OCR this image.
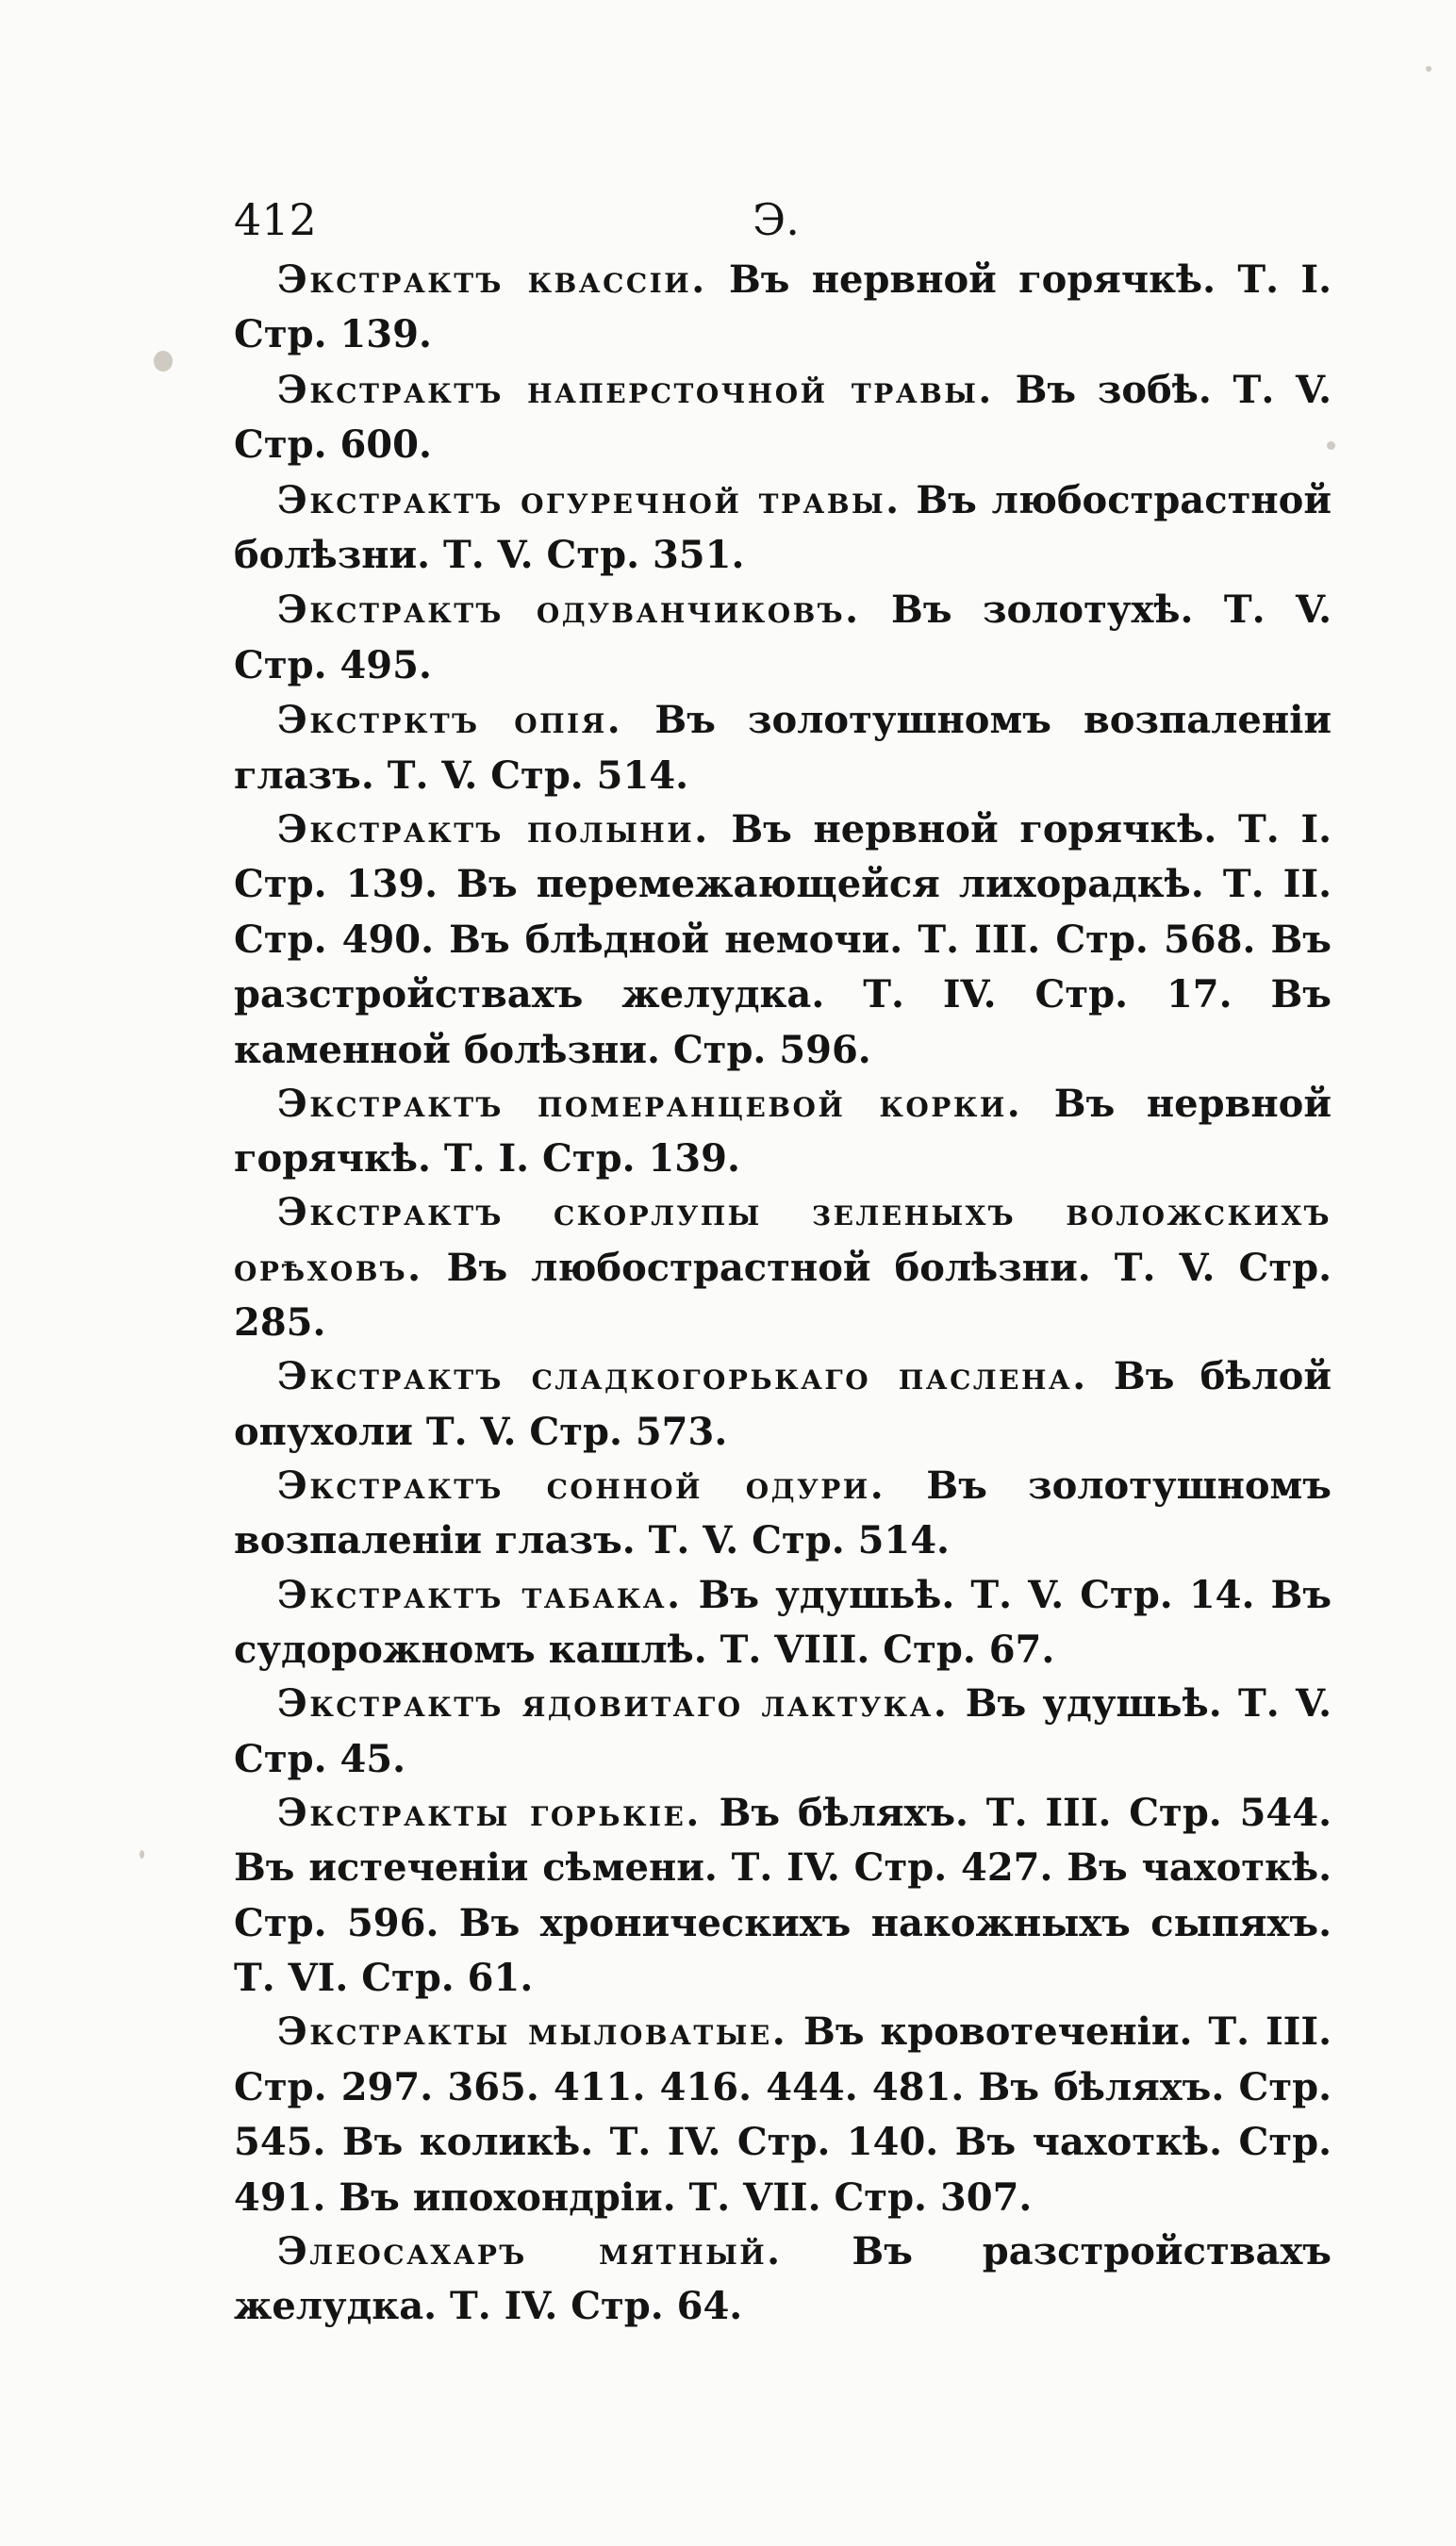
412	Э.

Экстрактъ квассiи. Въ нервной горячкѣ. Т. I. Стр. 139.

Экстрактъ наперсточной травы. Въ зобѣ. Т. V. Стр. 600.

Экстрактъ огуречной травы. Въ любострастной болѣзни. Т. V. Стр. 351.

Экстрактъ одуванчиковъ. Въ золотухѣ. Т. V. Стр. 495.

Экстрктъ опiя. Въ золотушномъ возпаленiи глазъ. Т. V. Стр. 514.

Экстрактъ полыни. Въ нервной горячкѣ. Т. I. Стр. 139. Въ перемежающейся лихорадкѣ. Т. II. Стр. 490. Въ блѣдной немочи. Т. III. Стр. 568. Въ разстройствахъ желудка. Т. IV. Стр. 17. Въ каменной болѣзни. Стр. 596.

Экстрактъ померанцевой корки. Въ нервной горячкѣ. Т. I. Стр. 139.

Экстрактъ скорлупы зеленыхъ воложскихъ орѣховъ. Въ любострастной болѣзни. Т. V. Стр. 285.

Экстрактъ сладкогорькаго паслена. Въ бѣлой опухоли Т. V. Стр. 573.

Экстрактъ сонной одури. Въ золотушномъ возпаленiи глазъ. Т. V. Стр. 514.

Экстрактъ табака. Въ удушьѣ. Т. V. Стр. 14. Въ судорожномъ кашлѣ. Т. VIII. Стр. 67.

Экстрактъ ядовитаго лактука. Въ удушьѣ. Т. V. Стр. 45.

Экстракты горькiе. Въ бѣляхъ. Т. III. Стр. 544. Въ истеченiи сѣмени. Т. IV. Стр. 427. Въ чахоткѣ. Стр. 596. Въ хроническихъ накожныхъ сыпяхъ. Т. VI. Стр. 61.

Экстракты мыловатые. Въ кровотеченiи. Т. III. Стр. 297. 365. 411. 416. 444. 481. Въ бѣляхъ. Стр. 545. Въ коликѣ. Т. IV. Стр. 140. Въ чахоткѣ. Стр. 491. Въ ипохондрiи. Т. VII. Стр. 307.

Элеосахаръ мятный. Въ разстройствахъ желудка. Т. IV. Стр. 64.
